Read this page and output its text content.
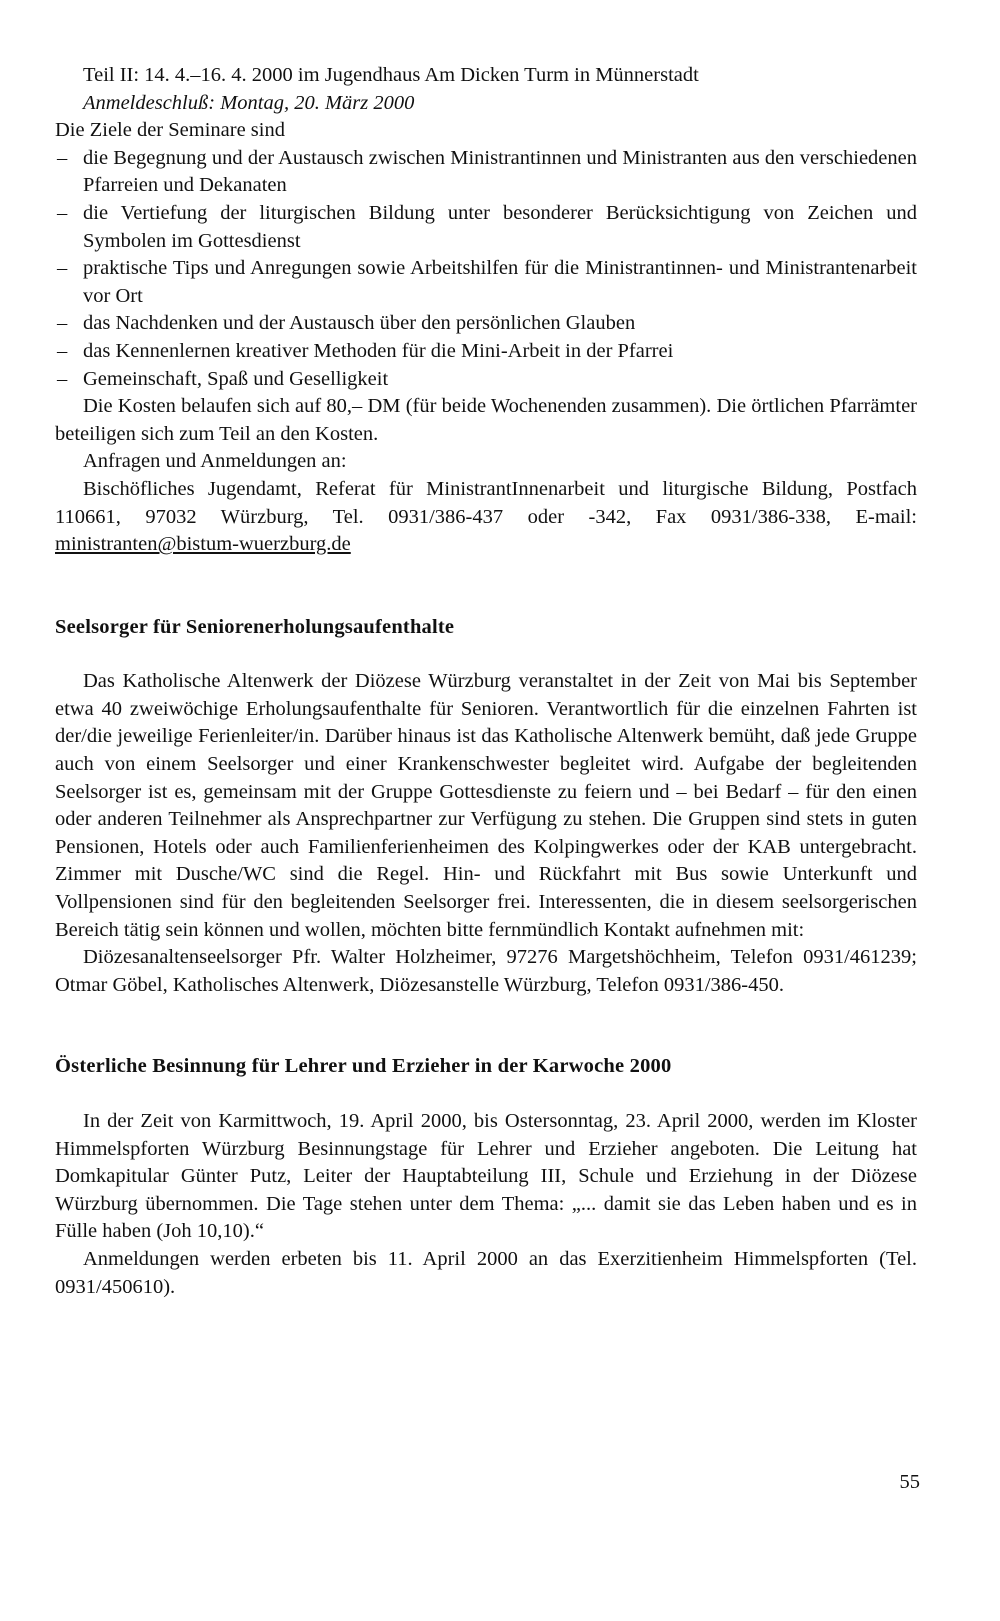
Teil II: 14. 4.–16. 4. 2000 im Jugendhaus Am Dicken Turm in Münnerstadt

Anmeldeschluß: Montag, 20. März 2000

Die Ziele der Seminare sind

– die Begegnung und der Austausch zwischen Ministrantinnen und Ministranten aus den verschiedenen Pfarreien und Dekanaten
– die Vertiefung der liturgischen Bildung unter besonderer Berücksichtigung von Zeichen und Symbolen im Gottesdienst
– praktische Tips und Anregungen sowie Arbeitshilfen für die Ministrantinnen- und Ministrantenarbeit vor Ort
– das Nachdenken und der Austausch über den persönlichen Glauben
– das Kennenlernen kreativer Methoden für die Mini-Arbeit in der Pfarrei
– Gemeinschaft, Spaß und Geselligkeit

Die Kosten belaufen sich auf 80,– DM (für beide Wochenenden zusammen). Die örtlichen Pfarrämter beteiligen sich zum Teil an den Kosten.

Anfragen und Anmeldungen an:

Bischöfliches Jugendamt, Referat für MinistrantInnenarbeit und liturgische Bildung, Postfach 110661, 97032 Würzburg, Tel. 0931/386-437 oder -342, Fax 0931/386-338, E-mail: ministranten@bistum-wuerzburg.de

Seelsorger für Seniorenerholungsaufenthalte

Das Katholische Altenwerk der Diözese Würzburg veranstaltet in der Zeit von Mai bis September etwa 40 zweiwöchige Erholungsaufenthalte für Senioren. Verantwortlich für die einzelnen Fahrten ist der/die jeweilige Ferienleiter/in. Darüber hinaus ist das Katholische Altenwerk bemüht, daß jede Gruppe auch von einem Seelsorger und einer Krankenschwester begleitet wird. Aufgabe der begleitenden Seelsorger ist es, gemeinsam mit der Gruppe Gottesdienste zu feiern und – bei Bedarf – für den einen oder anderen Teilnehmer als Ansprechpartner zur Verfügung zu stehen. Die Gruppen sind stets in guten Pensionen, Hotels oder auch Familienferienheimen des Kolpingwerkes oder der KAB untergebracht. Zimmer mit Dusche/WC sind die Regel. Hin- und Rückfahrt mit Bus sowie Unterkunft und Vollpensionen sind für den begleitenden Seelsorger frei. Interessenten, die in diesem seelsorgerischen Bereich tätig sein können und wollen, möchten bitte fernmündlich Kontakt aufnehmen mit:

Diözesanaltenseelsorger Pfr. Walter Holzheimer, 97276 Margetshöchheim, Telefon 0931/461239; Otmar Göbel, Katholisches Altenwerk, Diözesanstelle Würzburg, Telefon 0931/386-450.

Österliche Besinnung für Lehrer und Erzieher in der Karwoche 2000

In der Zeit von Karmittwoch, 19. April 2000, bis Ostersonntag, 23. April 2000, werden im Kloster Himmelspforten Würzburg Besinnungstage für Lehrer und Erzieher angeboten. Die Leitung hat Domkapitular Günter Putz, Leiter der Hauptabteilung III, Schule und Erziehung in der Diözese Würzburg übernommen. Die Tage stehen unter dem Thema: „... damit sie das Leben haben und es in Fülle haben (Joh 10,10).“

Anmeldungen werden erbeten bis 11. April 2000 an das Exerzitienheim Himmelspforten (Tel. 0931/450610).

55
